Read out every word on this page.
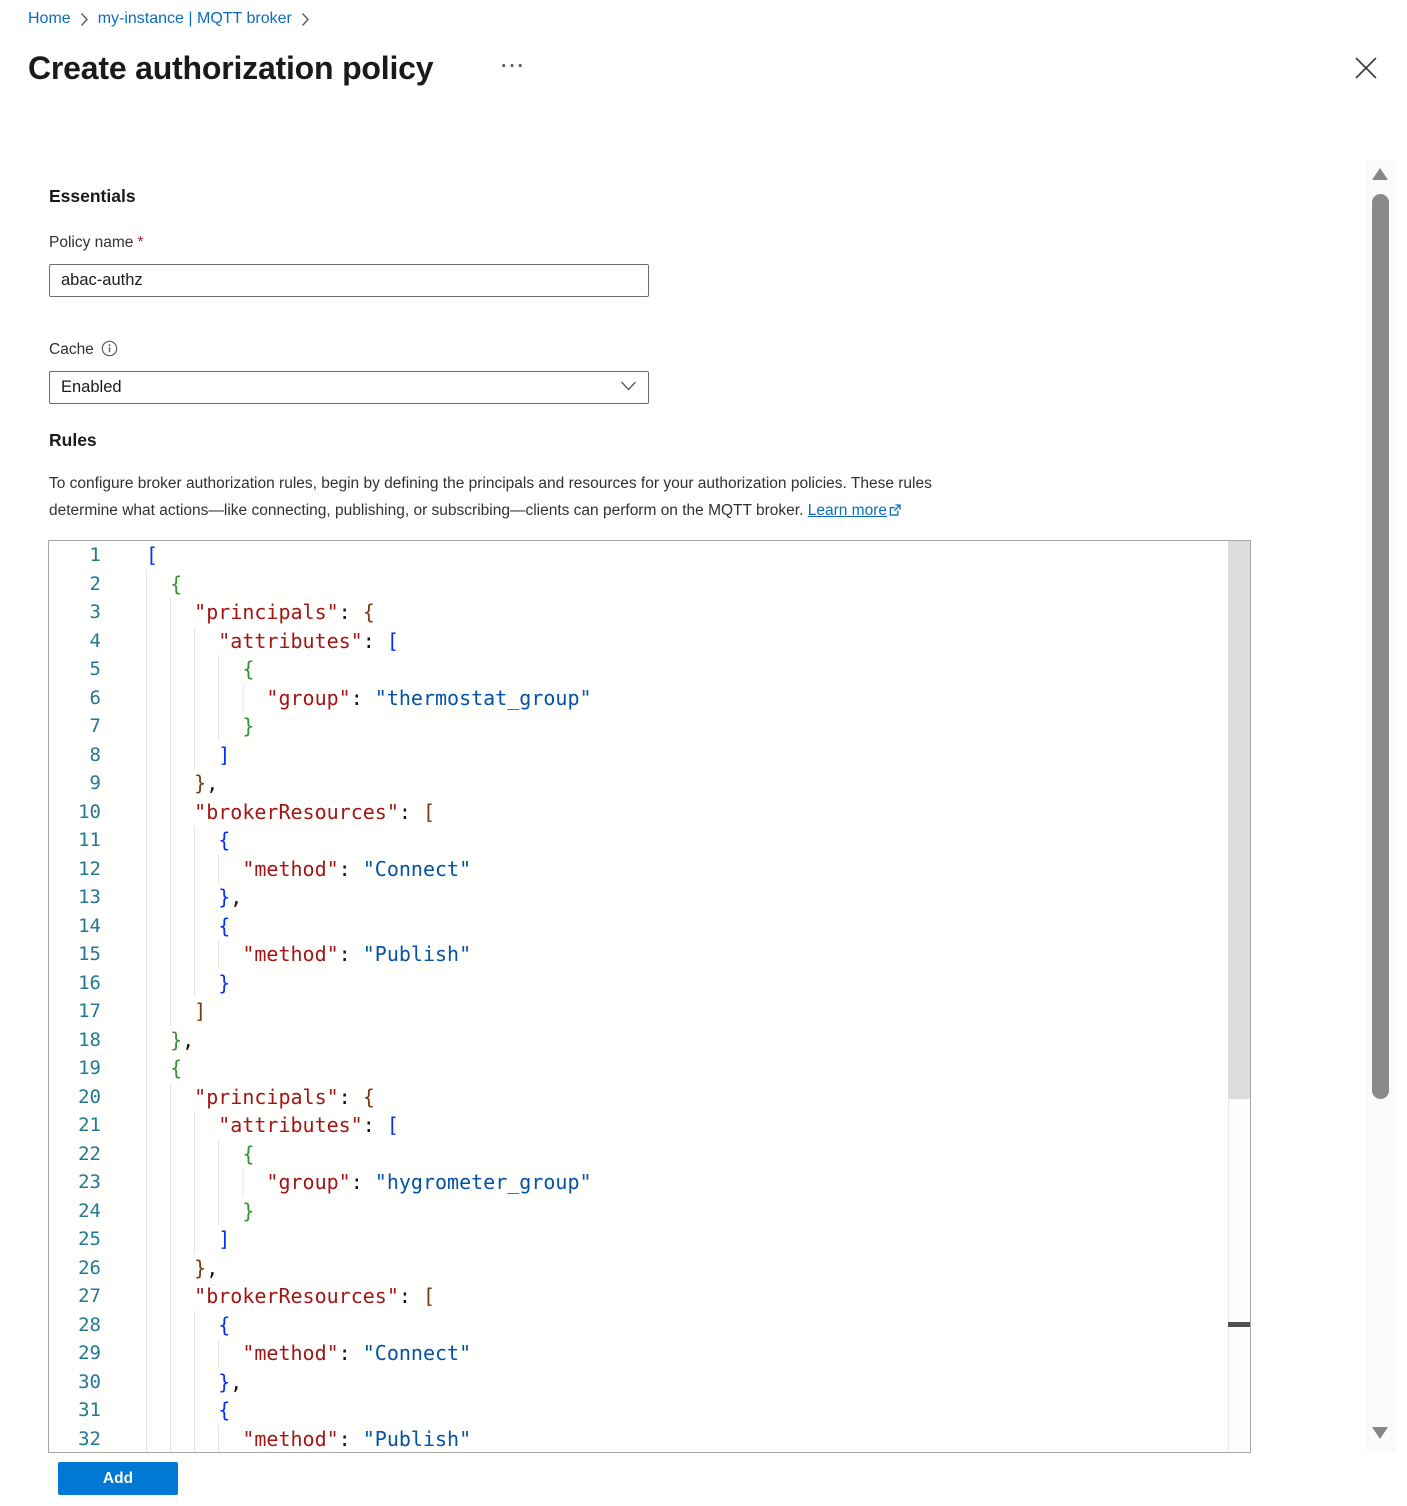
Home my-instance | MQTT broker
Create authorization policy	···
Essentials
Policy name *
abac-authz
Cache
Enabled
Rules
To configure broker authorization rules, begin by defining the principals and resources for your authorization policies. These rules
determine what actions—like connecting, publishing, or subscribing—clients can perform on the MQTT broker. Learn more
1 [
2	{
3	"principals": {
4	"attributes": [
5	{
6	"group": "thermostat_group"
7	}
8	]
9	},
10	"brokerResources": [
11	{
12	"method": "Connect"
13	},
14	{
15	"method": "Publish"
16	}
17	]
18	},
19	{
20	"principals": {
21	"attributes": [
22	{
23	"group": "hygrometer_group"
24	}
25	]
26	},
27	"brokerResources": [
28	{
29	"method": "Connect"
30	},
31	{
32	"method": "Publish"
Add
